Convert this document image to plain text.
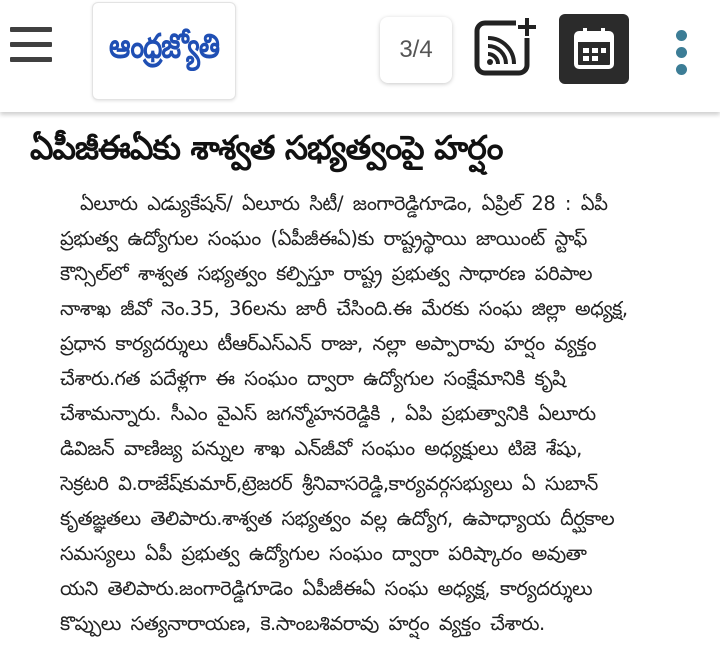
ఆంధ్రజ్యోతి	3/4
ఏపీజీఈఏకు శాశ్వత సభ్యత్వంపై హర్షం
ఏలూరు ఎడ్యుకేషన్/ ఏలూరు సిటీ/ జంగారెడ్డిగూడెం, ఏప్రిల్ 28 : ఏపీ
ప్రభుత్వ ఉద్యోగుల సంఘం (ఏపీజీఈఏ)కు రాష్ట్రస్థాయి జాయింట్ స్టాఫ్
కౌన్సిల్‌లో శాశ్వత సభ్యత్వం కల్పిస్తూ రాష్ట్ర ప్రభుత్వ సాధారణ పరిపాల
నాశాఖ జీవో నెం.35, 36లను జారీ చేసింది.ఈ మేరకు సంఘ జిల్లా అధ్యక్ష,
ప్రధాన కార్యదర్శులు టీఆర్ఎస్ఎన్ రాజు, నల్లా అప్పారావు హర్షం వ్యక్తం
చేశారు.గత పదేళ్లగా ఈ సంఘం ద్వారా ఉద్యోగుల సంక్షేమానికి కృషి
చేశామన్నారు. సీఎం వైఎస్ జగన్మోహనరెడ్డికి , ఏపి ప్రభుత్వానికి ఏలూరు
డివిజన్ వాణిజ్య పన్నుల శాఖ ఎన్‌జీవో సంఘం అధ్యక్షులు టిజె శేషు,
సెక్రటరి వి.రాజేష్‌కుమార్,ట్రెజరర్ శ్రీనివాసరెడ్డి,కార్యవర్గసభ్యులు ఏ సుబాన్
కృతజ్ఞతలు తెలిపారు.శాశ్వత సభ్యత్వం వల్ల ఉద్యోగ, ఉపాధ్యాయ దీర్ఘకాల
సమస్యలు ఏపీ ప్రభుత్వ ఉద్యోగుల సంఘం ద్వారా పరిష్కారం అవుతా
యని తెలిపారు.జంగారెడ్డిగూడెం ఏపీజీఈఏ సంఘ అధ్యక్ష, కార్యదర్శులు
కొప్పులు సత్యనారాయణ, కె.సాంబశివరావు హర్షం వ్యక్తం చేశారు.
